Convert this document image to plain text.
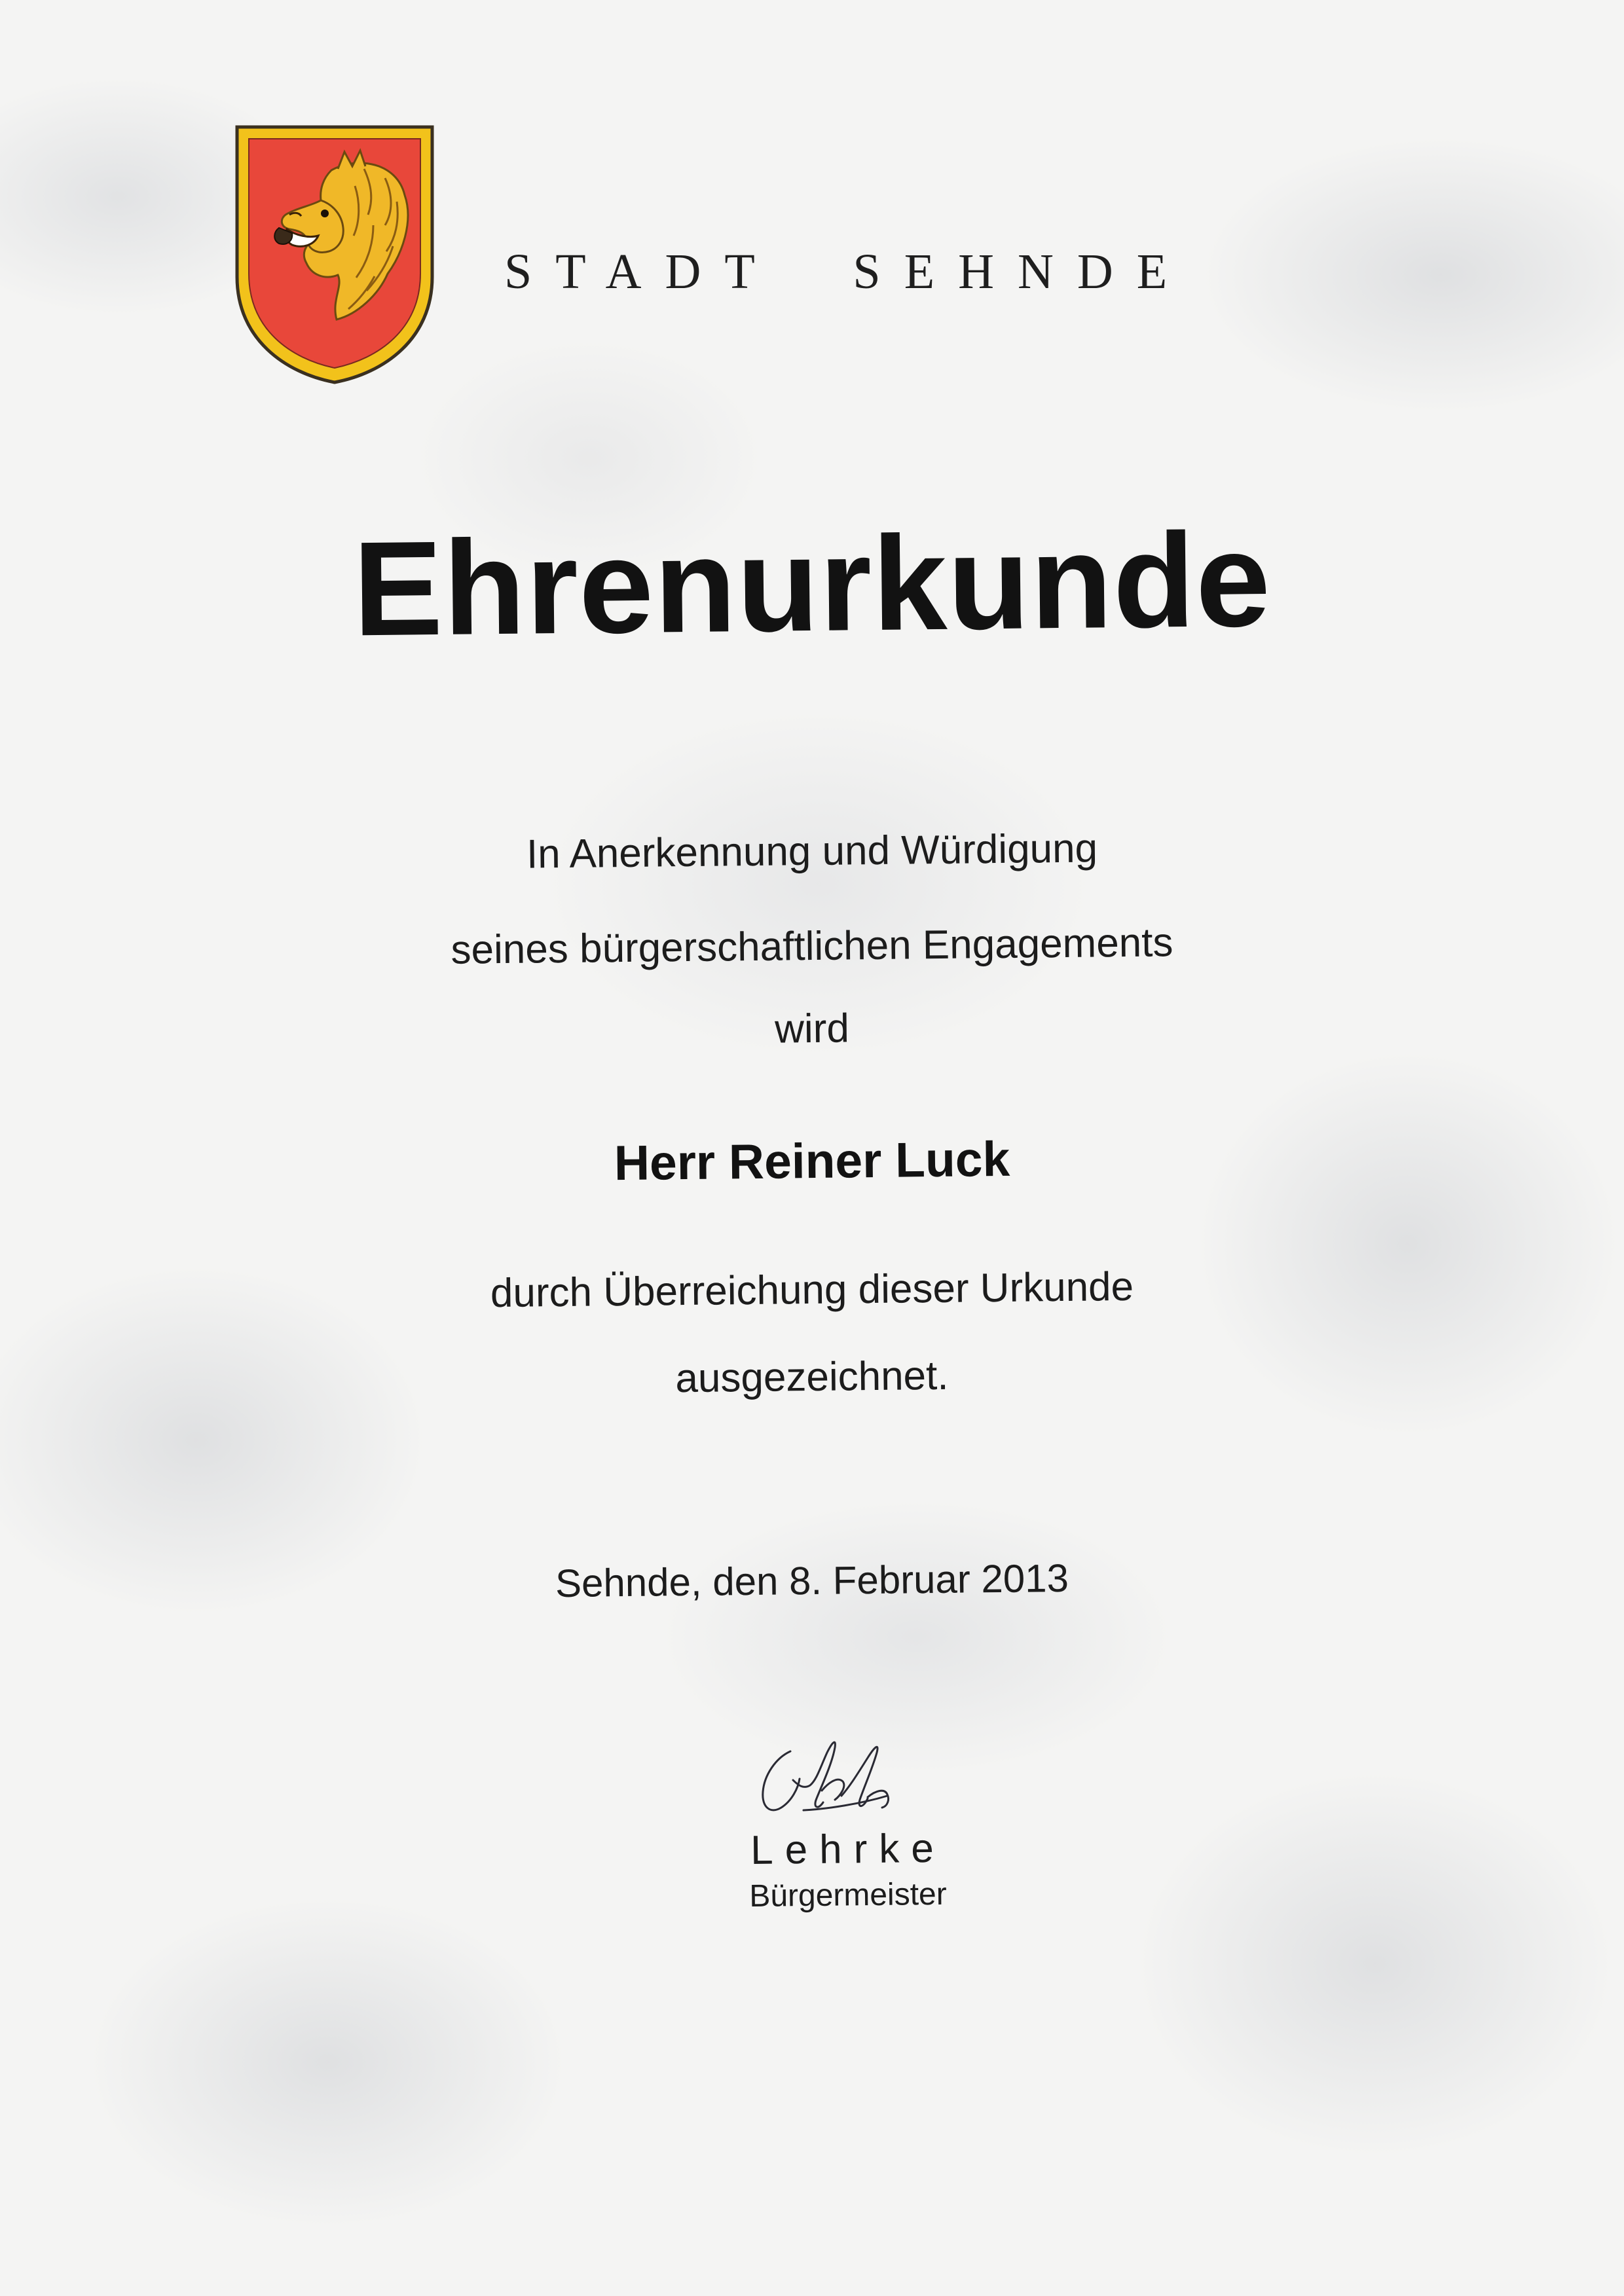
STADT SEHNDE
Ehrenurkunde

In Anerkennung und Würdigung

seines bürgerschaftlichen Engagements

wird

Herr Reiner Luck

durch Überreichung dieser Urkunde

ausgezeichnet.

Sehnde, den 8. Februar 2013

Lehrke

Bürgermeister
